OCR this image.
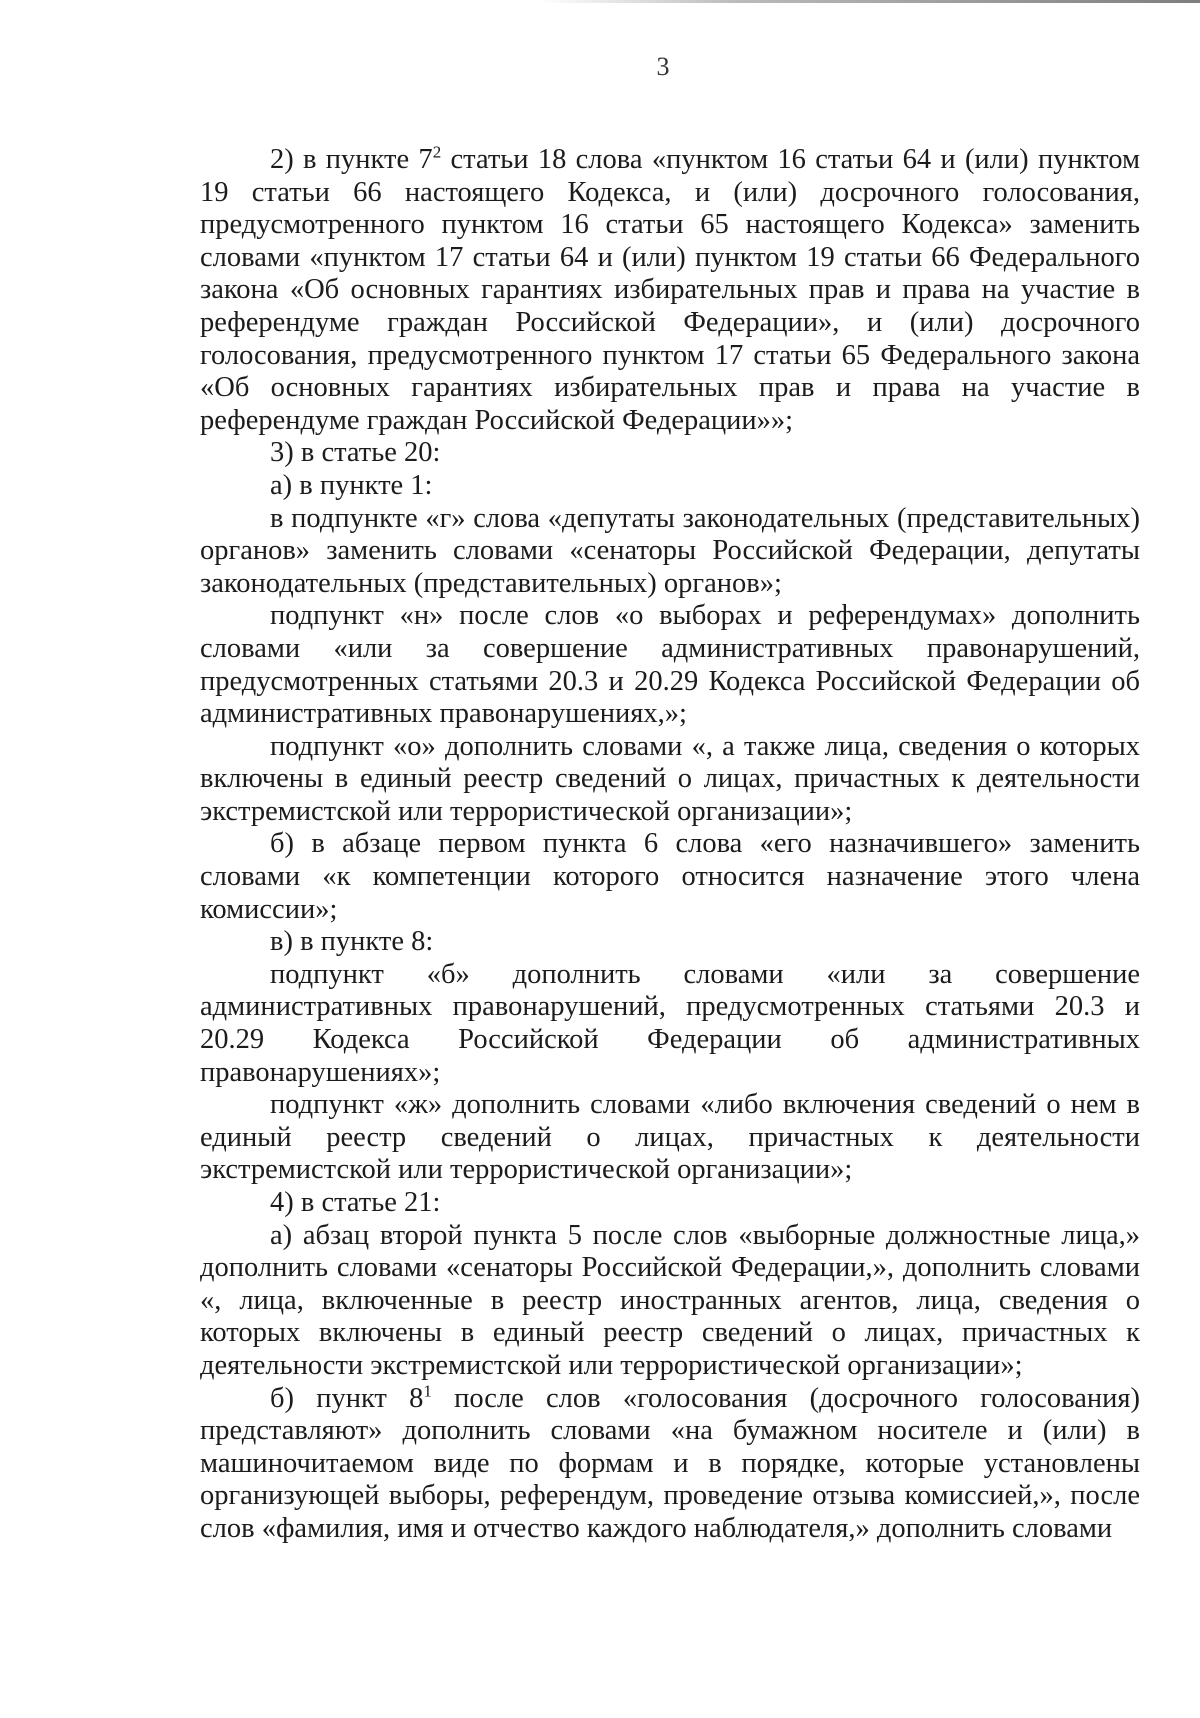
3

2) в пункте $7^2$ статьи 18 слова «пунктом 16 статьи 64 и (или) пунктом 19 статьи 66 настоящего Кодекса, и (или) досрочного голосования, предусмотренного пунктом 16 статьи 65 настоящего Кодекса» заменить словами «пунктом 17 статьи 64 и (или) пунктом 19 статьи 66 Федерального закона «Об основных гарантиях избирательных прав и права на участие в референдуме граждан Российской Федерации», и (или) досрочного голосования, предусмотренного пунктом 17 статьи 65 Федерального закона «Об основных гарантиях избирательных прав и права на участие в референдуме граждан Российской Федерации»»;

3) в статье 20:

а) в пункте 1:

в подпункте «г» слова «депутаты законодательных (представительных) органов» заменить словами «сенаторы Российской Федерации, депутаты законодательных (представительных) органов»;

подпункт «н» после слов «о выборах и референдумах» дополнить словами «или за совершение административных правонарушений, предусмотренных статьями 20.3 и 20.29 Кодекса Российской Федерации об административных правонарушениях,»;

подпункт «о» дополнить словами «, а также лица, сведения о которых включены в единый реестр сведений о лицах, причастных к деятельности экстремистской или террористической организации»;

б) в абзаце первом пункта 6 слова «его назначившего» заменить словами «к компетенции которого относится назначение этого члена комиссии»;

в) в пункте 8:

подпункт «б» дополнить словами «или за совершение административных правонарушений, предусмотренных статьями 20.3 и 20.29 Кодекса Российской Федерации об административных правонарушениях»;

подпункт «ж» дополнить словами «либо включения сведений о нем в единый реестр сведений о лицах, причастных к деятельности экстремистской или террористической организации»;

4) в статье 21:

а) абзац второй пункта 5 после слов «выборные должностные лица,» дополнить словами «сенаторы Российской Федерации,», дополнить словами «, лица, включенные в реестр иностранных агентов, лица, сведения о которых включены в единый реестр сведений о лицах, причастных к деятельности экстремистской или террористической организации»;

б) пункт $8^1$ после слов «голосования (досрочного голосования) представляют» дополнить словами «на бумажном носителе и (или) в машиночитаемом виде по формам и в порядке, которые установлены организующей выборы, референдум, проведение отзыва комиссией,», после слов «фамилия, имя и отчество каждого наблюдателя,» дополнить словами
